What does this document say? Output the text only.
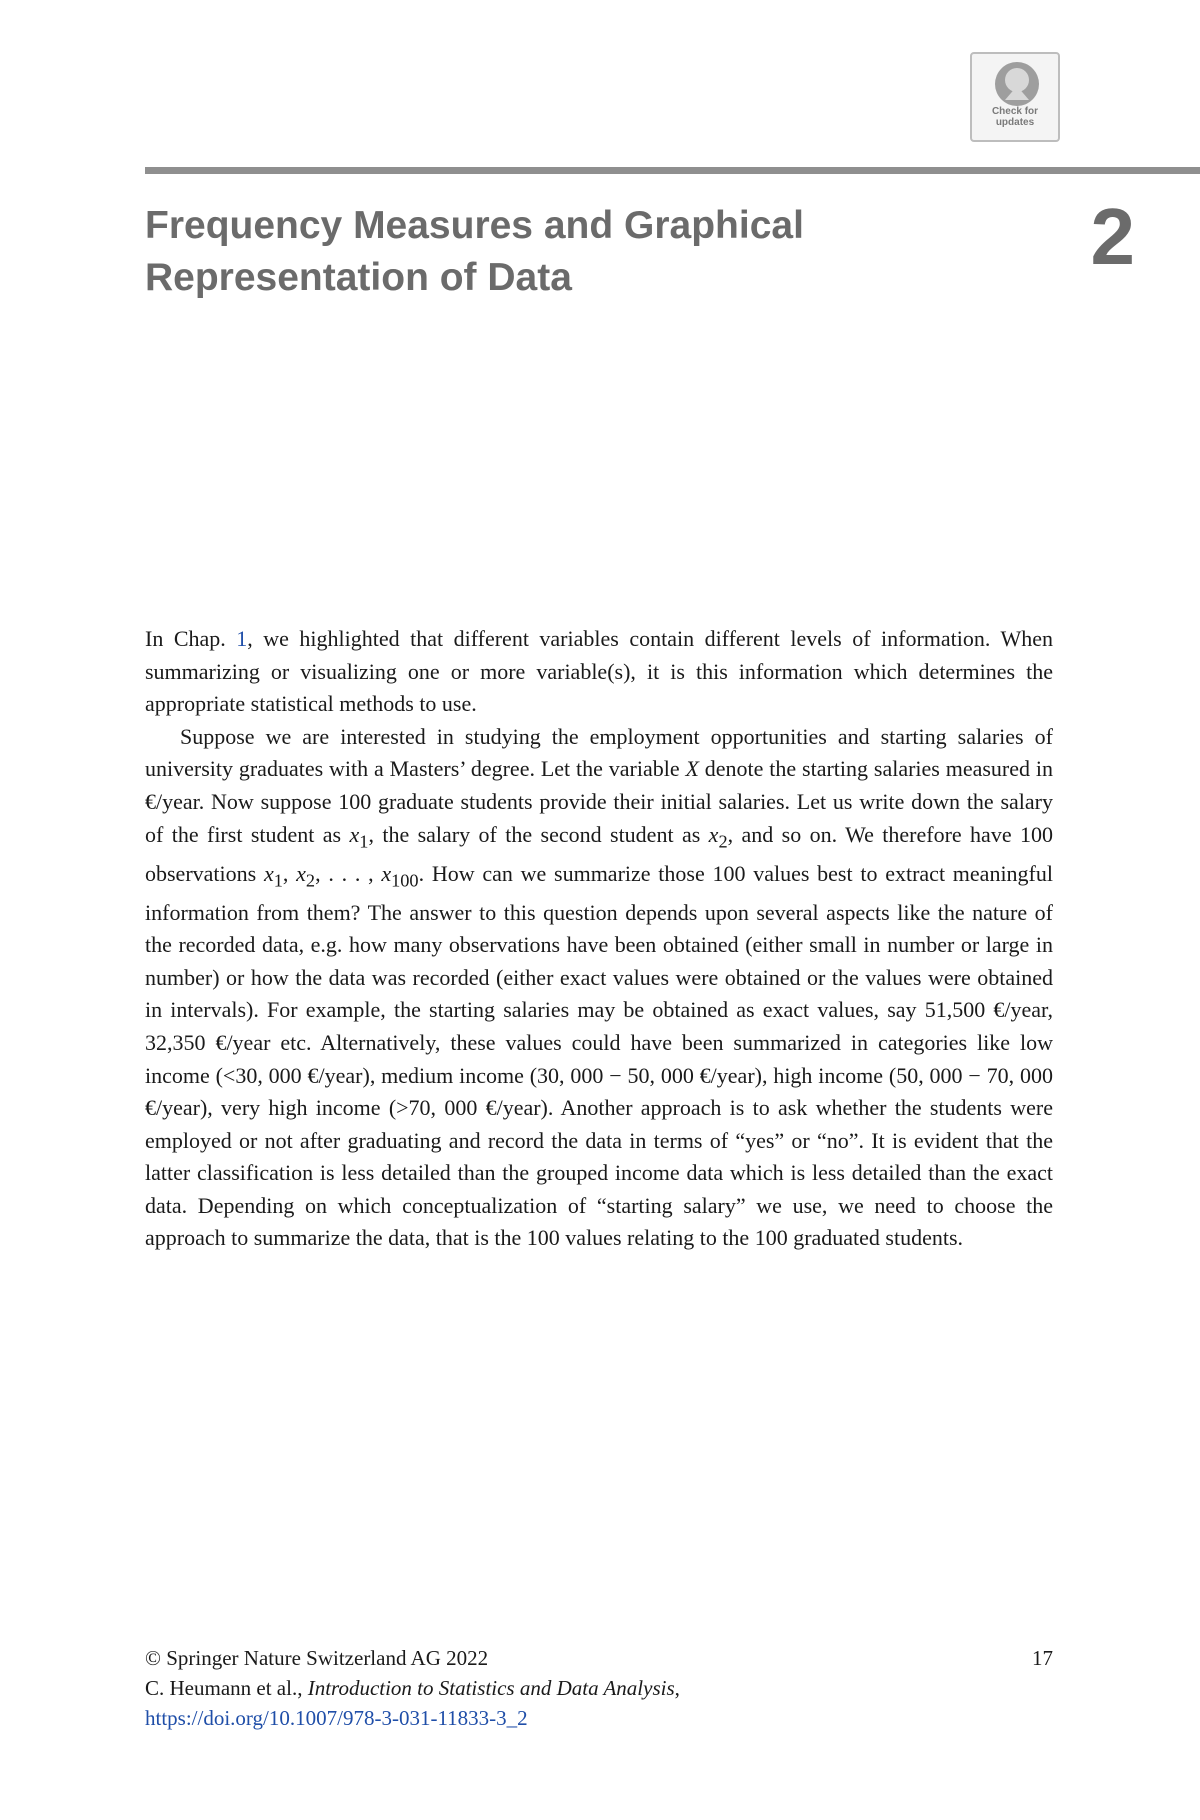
Check for
updates
Frequency Measures and Graphical
Representation of Data	2

In Chap. 1, we highlighted that different variables contain different levels of information. When summarizing or visualizing one or more variable(s), it is this information which determines the appropriate statistical methods to use.

Suppose we are interested in studying the employment opportunities and starting salaries of university graduates with a Masters’ degree. Let the variable X denote the starting salaries measured in €/year. Now suppose 100 graduate students provide their initial salaries. Let us write down the salary of the first student as $x_1$, the salary of the second student as $x_2$, and so on. We therefore have 100 observations $x_1$, $x_2$, . . . , $x_{100}$. How can we summarize those 100 values best to extract meaningful information from them? The answer to this question depends upon several aspects like the nature of the recorded data, e.g. how many observations have been obtained (either small in number or large in number) or how the data was recorded (either exact values were obtained or the values were obtained in intervals). For example, the starting salaries may be obtained as exact values, say 51,500 €/year, 32,350 €/year etc. Alternatively, these values could have been summarized in categories like low income (<30, 000 €/year), medium income (30, 000 − 50, 000 €/year), high income (50, 000 − 70, 000 €/year), very high income (>70, 000 €/year). Another approach is to ask whether the students were employed or not after graduating and record the data in terms of “yes” or “no”. It is evident that the latter classification is less detailed than the grouped income data which is less detailed than the exact data. Depending on which conceptualization of “starting salary” we use, we need to choose the approach to summarize the data, that is the 100 values relating to the 100 graduated students.

© Springer Nature Switzerland AG 2022	17
C. Heumann et al., Introduction to Statistics and Data Analysis,
https://doi.org/10.1007/978-3-031-11833-3_2
